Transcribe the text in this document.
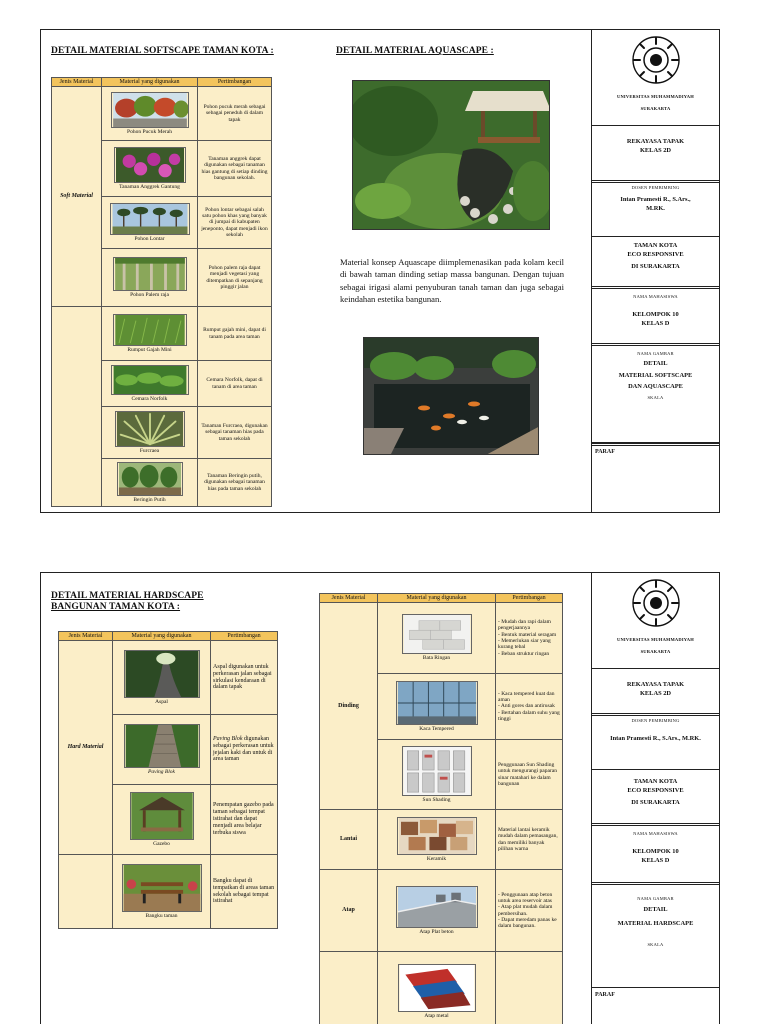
DETAIL MATERIAL SOFTSCAPE TAMAN KOTA :	DETAIL MATERIAL AQUASCAPE :
Jenis Material	Material yang digunakan	Pertimbangan
Soft Material	Pohon Pucuk Merah	Pohon pucuk merah sebagai sebagai peneduh di dalam tapak

	Tanaman Anggrek Gantung	Tanaman anggrek dapat digunakan sebagai tanaman hias gantung di setiap dinding bangunan sekolah.

	Pohon Lontar	Pohon lontar sebagai salah satu pohon khas yang banyak di jumpai di kabupaten jeneponto, dapat menjadi ikon sekolah

	Pohon Palem raja	Pohon palem raja dapat menjadi vegetasi yang ditempatkan di sepanjang pinggir jalan

	Rumput Gajah Mini	Rumput gajah mini, dapat di tanam pada area taman

	Cemara Norfolk	Cemara Norfolk, dapat di tanam di area taman

	Furcraea	Tanaman Furcraea, digunakan sebagai tanaman hias pada taman sekolah

	Beringin Putih	Tanaman Beringin putih, digunakan sebagai tanaman hias pada taman sekolah
Material konsep Aquascape diimplemenasikan pada kolam kecil di bawah taman dinding setiap massa bangunan. Dengan tujuan sebagai irigasi alami penyuburan tanah taman dan juga sebagai keindahan estetika bangunan.
UNIVERSITAS MUHAMMADIYAH
SURAKARTA
REKAYASA TAPAK
KELAS 2D
DOSEN PEMBIMBING
Intan Pramesti R., S.Ars.,
M.RK.
TAMAN KOTA
ECO RESPONSIVE
DI SURAKARTA
NAMA MAHASISWA
KELOMPOK 10
KELAS D
NAMA GAMBAR
DETAIL
MATERIAL SOFTSCAPE
DAN AQUASCAPE
SKALA
PARAF
DETAIL MATERIAL HARDSCAPE
BANGUNAN TAMAN KOTA :
Jenis Material	Material yang digunakan	Pertimbangan
Hard Material	Aspal	Aspal digunakan untuk perkerasan jalan sebagai sirkulasi kendaraan di dalam tapak

	Paving Blok	Paving Blok digunakan sebagai perkerasan untuk jejalan kaki dan untuk di area taman

	Gazebo	Penempatan gazebo pada taman sebagai tempat istirahat dan dapat menjadi area belajar terbuka siswa

	Bangku taman	Bangku dapat di tempatkan di areas taman sekolah sebagai tempat istirahat
Jenis Material	Material yang digunakan	Pertimbangan
Dinding	Bata Ringan	- Mudah dan rapi dalam pengerjaannya
- Bentuk material seragam
- Memerlukan siar yang kurang tebal
- Beban struktur ringan

	Kaca Tempered	- Kaca tempered kuat dan aman
- Anti gores dan antirusak
- Bertahan dalam suhu yang tinggi

	Sun Shading	Penggunaan Sun Shading untuk mengurangi paparan sinar matahari ke dalam bangunan
Lantai	Keramik	Material lantai keramik mudah dalam pemasangan, dan memiliki banyak pilihan warna
Atap	Atap Plat beton	- Penggunaan atap beton untuk area reservoir atas
- Atap plat mudah dalam pembersihan.
- Dapat meredam panas ke dalam bangunan.

	Atap metal	

UNIVERSITAS MUHAMMADIYAH
SURAKARTA
REKAYASA TAPAK
KELAS 2D
DOSEN PEMBIMBING
Intan Pramesti R., S.Ars., M.RK.
TAMAN KOTA
ECO RESPONSIVE
DI SURAKARTA
NAMA MAHASISWA
KELOMPOK 10
KELAS D
NAMA GAMBAR
DETAIL
MATERIAL HARDSCAPE
SKALA
PARAF
